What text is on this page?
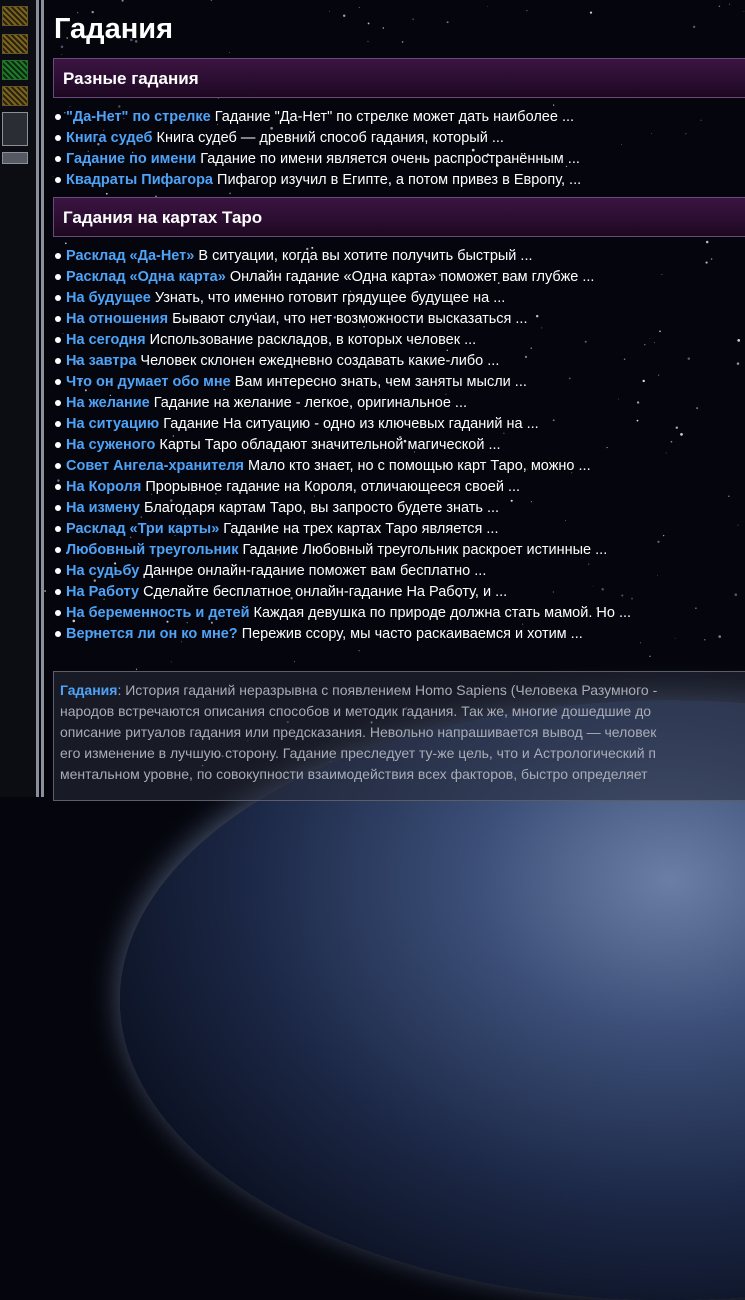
Гадания
Разные гадания
"Да-Нет" по стрелке Гадание "Да-Нет" по стрелке может дать наиболее ...
Книга судеб Книга судеб — древний способ гадания, который ...
Гадание по имени Гадание по имени является очень распространённым ...
Квадраты Пифагора Пифагор изучил в Египте, а потом привез в Европу, ...
Гадания на картах Таро
Расклад «Да-Нет» В ситуации, когда вы хотите получить быстрый ...
Расклад «Одна карта» Онлайн гадание «Одна карта» поможет вам глубже ...
На будущее Узнать, что именно готовит грядущее будущее на ...
На отношения Бывают случаи, что нет возможности высказаться ...
На сегодня Использование раскладов, в которых человек ...
На завтра Человек склонен ежедневно создавать какие-либо ...
Что он думает обо мне Вам интересно знать, чем заняты мысли ...
На желание Гадание на желание - легкое, оригинальное ...
На ситуацию Гадание На ситуацию - одно из ключевых гаданий на ...
На суженого Карты Таро обладают значительной магической ...
Совет Ангела-хранителя Мало кто знает, но с помощью карт Таро, можно ...
На Короля Прорывное гадание на Короля, отличающееся своей ...
На измену Благодаря картам Таро, вы запросто будете знать ...
Расклад «Три карты» Гадание на трех картах Таро является ...
Любовный треугольник Гадание Любовный треугольник раскроет истинные ...
На судьбу Данное онлайн-гадание поможет вам бесплатно ...
На Работу Сделайте бесплатное онлайн-гадание На Работу, и ...
На беременность и детей Каждая девушка по природе должна стать мамой. Но ...
Вернется ли он ко мне? Пережив ссору, мы часто раскаиваемся и хотим ...

Гадания: История гаданий неразрывна с появлением Homo Sapiens (Человека Разумного -

народов встречаются описания способов и методик гадания. Так же, многие дошедшие до

описание ритуалов гадания или предсказания. Невольно напрашивается вывод — человек

его изменение в лучшую сторону. Гадание преследует ту-же цель, что и Астрологический п

ментальном уровне, по совокупности взаимодействия всех факторов, быстро определяет
